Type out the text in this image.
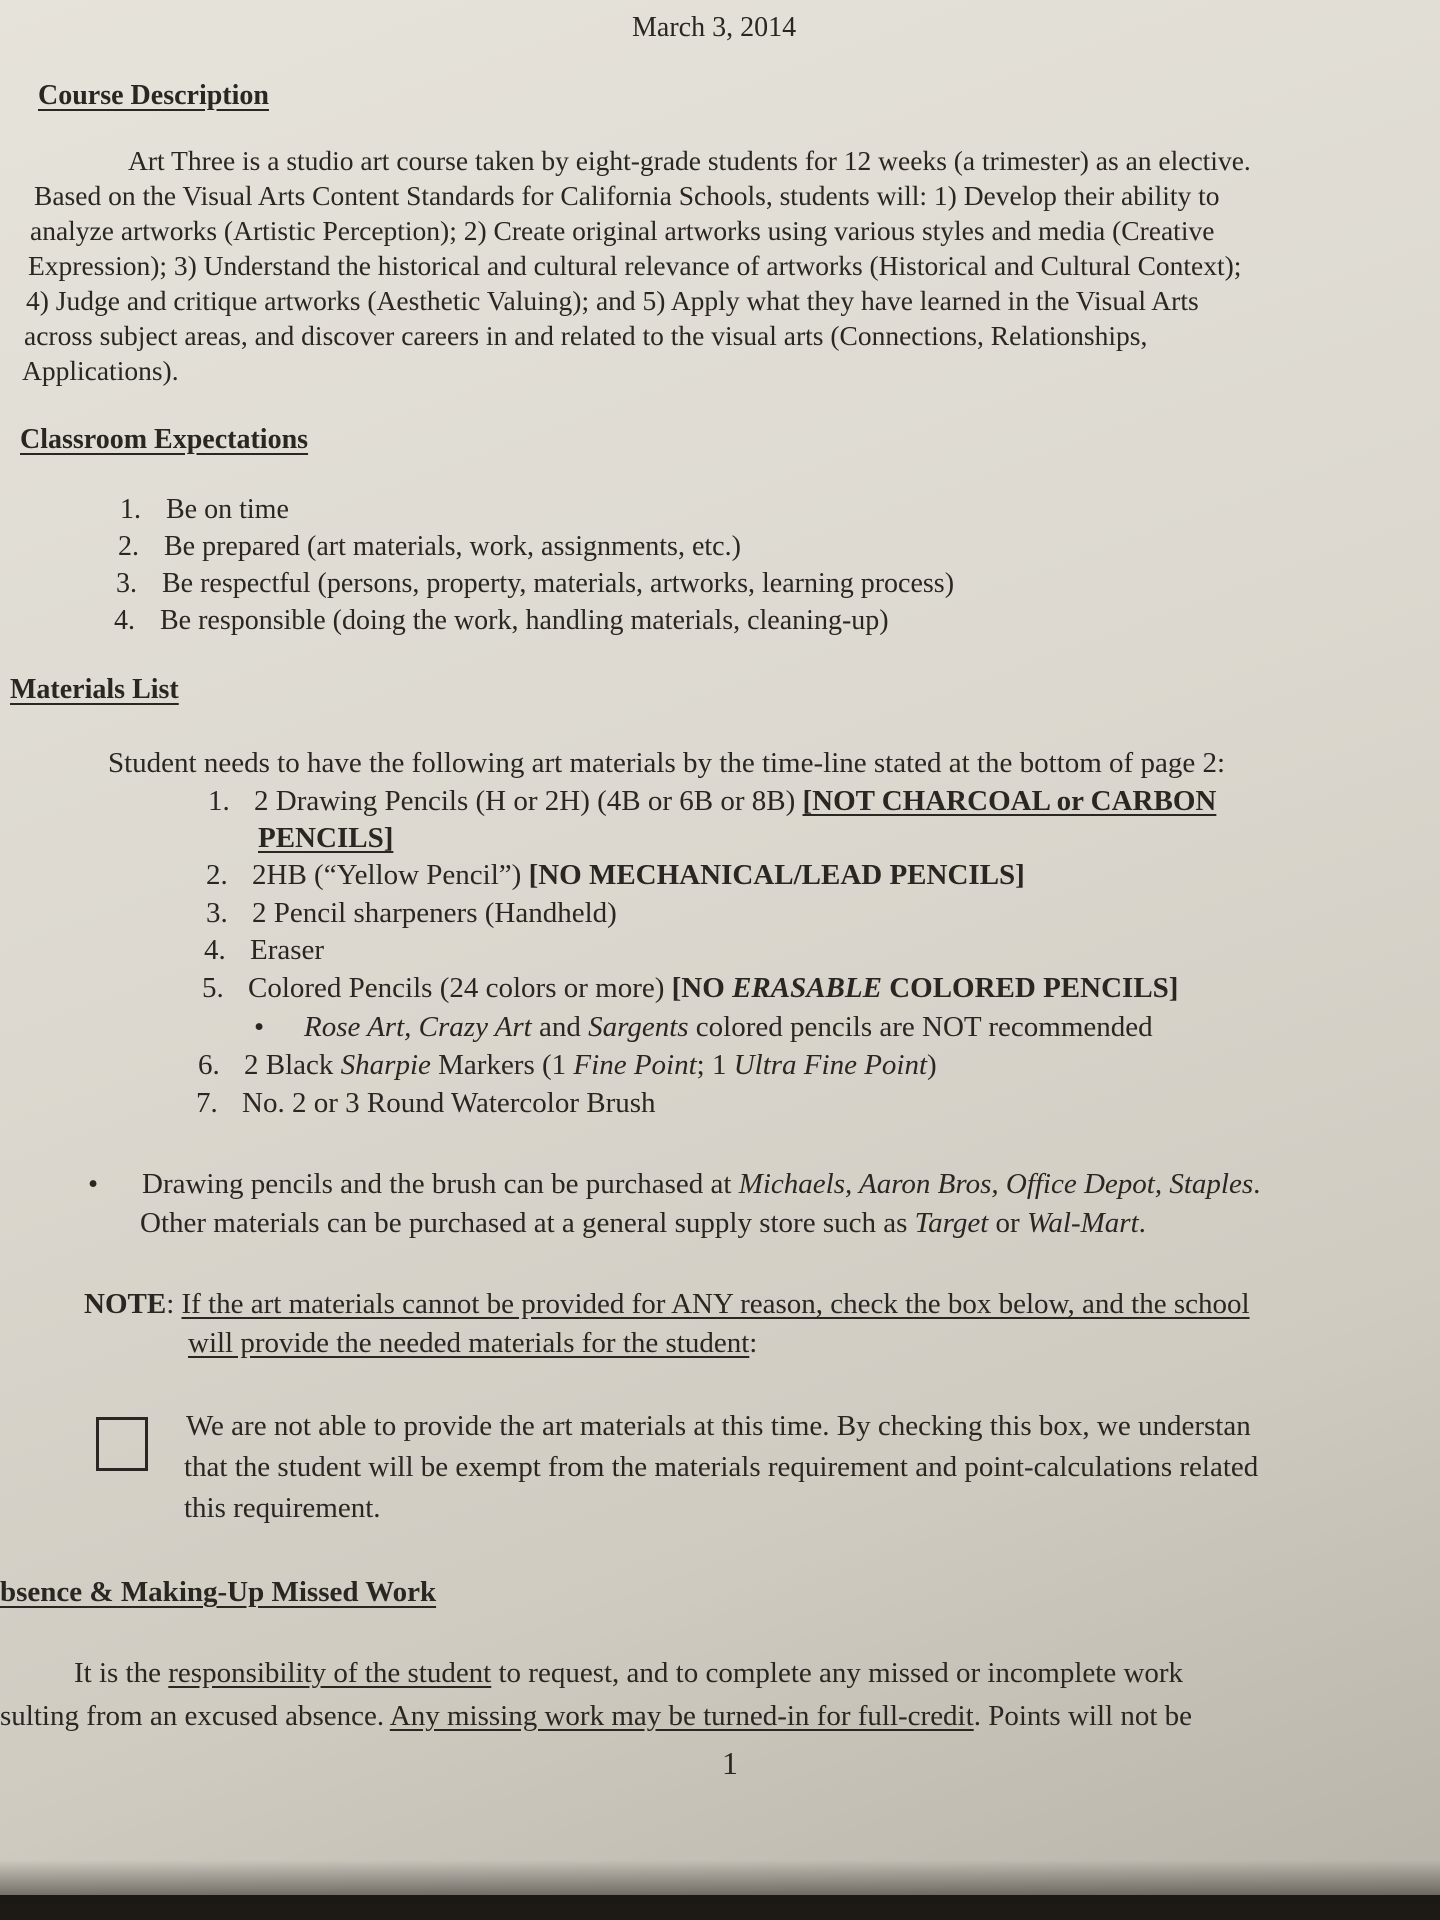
March 3, 2014
Course Description
Art Three is a studio art course taken by eight-grade students for 12 weeks (a trimester) as an elective.
Based on the Visual Arts Content Standards for California Schools, students will: 1) Develop their ability to
analyze artworks (Artistic Perception); 2) Create original artworks using various styles and media (Creative
Expression); 3) Understand the historical and cultural relevance of artworks (Historical and Cultural Context);
4) Judge and critique artworks (Aesthetic Valuing); and 5) Apply what they have learned in the Visual Arts
across subject areas, and discover careers in and related to the visual arts (Connections, Relationships,
Applications).
Classroom Expectations
1. Be on time
2. Be prepared (art materials, work, assignments, etc.)
3. Be respectful (persons, property, materials, artworks, learning process)
4. Be responsible (doing the work, handling materials, cleaning-up)
Materials List
Student needs to have the following art materials by the time-line stated at the bottom of page 2:
1. 2 Drawing Pencils (H or 2H) (4B or 6B or 8B) [NOT CHARCOAL or CARBON
PENCILS]
2. 2HB (“Yellow Pencil”) [NO MECHANICAL/LEAD PENCILS]
3. 2 Pencil sharpeners (Handheld)
4. Eraser
5. Colored Pencils (24 colors or more) [NO ERASABLE COLORED PENCILS]
• Rose Art, Crazy Art and Sargents colored pencils are NOT recommended
6. 2 Black Sharpie Markers (1 Fine Point; 1 Ultra Fine Point)
7. No. 2 or 3 Round Watercolor Brush
• Drawing pencils and the brush can be purchased at Michaels, Aaron Bros, Office Depot, Staples.
Other materials can be purchased at a general supply store such as Target or Wal-Mart.
NOTE: If the art materials cannot be provided for ANY reason, check the box below, and the school
will provide the needed materials for the student:
We are not able to provide the art materials at this time. By checking this box, we understan
that the student will be exempt from the materials requirement and point-calculations related
this requirement.
bsence & Making-Up Missed Work
It is the responsibility of the student to request, and to complete any missed or incomplete work
sulting from an excused absence. Any missing work may be turned-in for full-credit. Points will not be
1
